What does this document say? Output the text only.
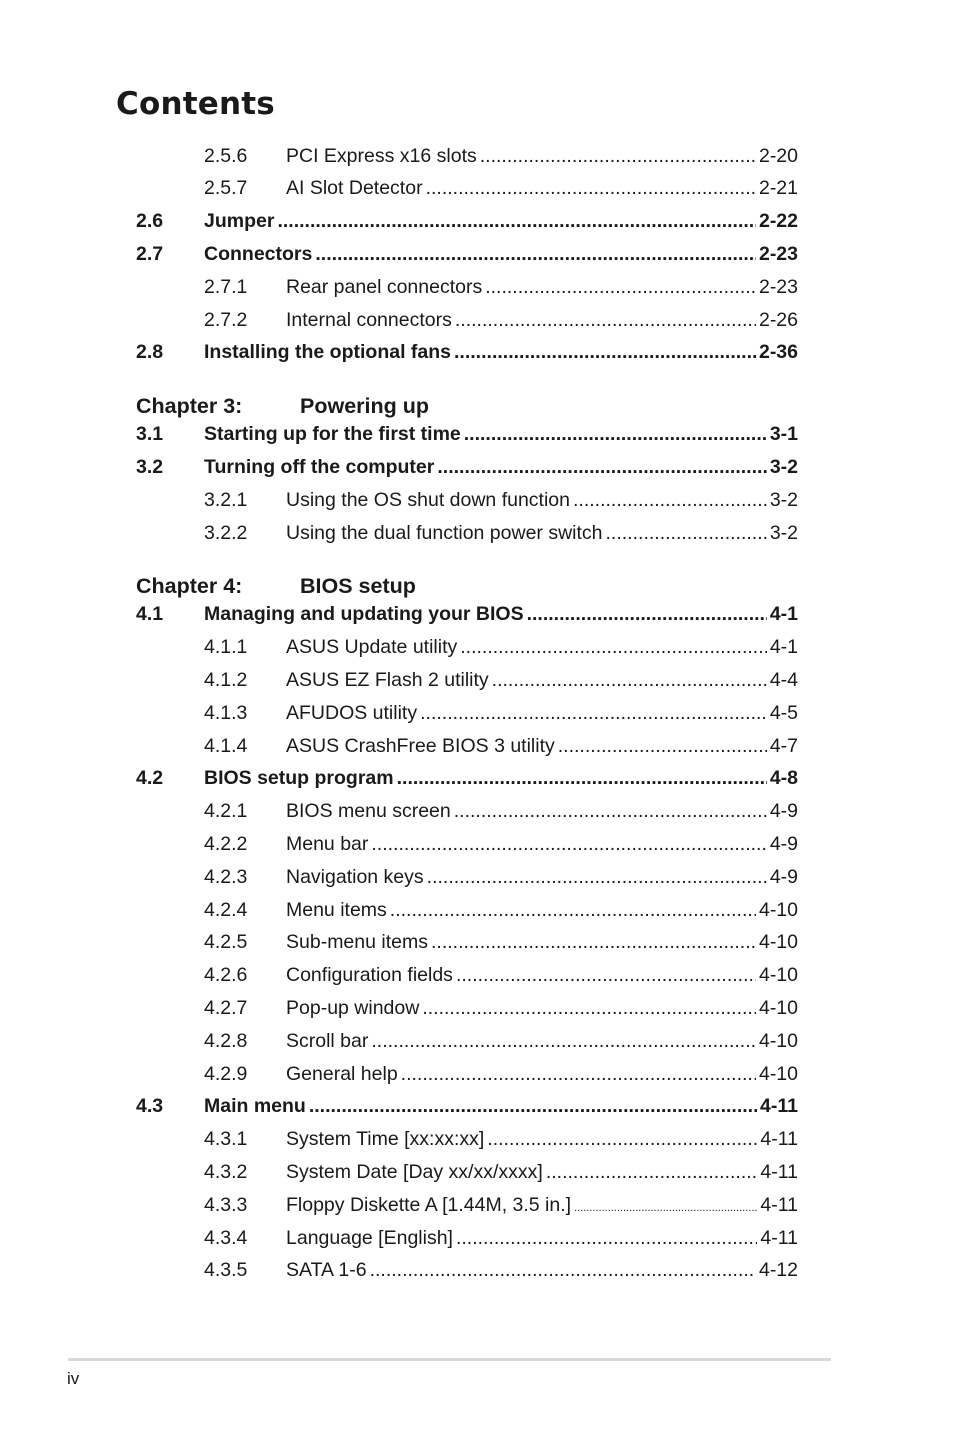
Contents
2.5.6	PCI Express x16 slots .....	2-20
2.5.7	AI Slot Detector .....	2-21
2.6	Jumper .....	2-22
2.7	Connectors .....	2-23
2.7.1	Rear panel connectors .....	2-23
2.7.2	Internal connectors .....	2-26
2.8	Installing the optional fans .....	2-36
Chapter 3:	Powering up
3.1	Starting up for the first time .....	3-1
3.2	Turning off the computer .....	3-2
3.2.1	Using the OS shut down function .....	3-2
3.2.2	Using the dual function power switch .....	3-2
Chapter 4:	BIOS setup
4.1	Managing and updating your BIOS .....	4-1
4.1.1	ASUS Update utility .....	4-1
4.1.2	ASUS EZ Flash 2 utility .....	4-4
4.1.3	AFUDOS utility .....	4-5
4.1.4	ASUS CrashFree BIOS 3 utility .....	4-7
4.2	BIOS setup program .....	4-8
4.2.1	BIOS menu screen .....	4-9
4.2.2	Menu bar .....	4-9
4.2.3	Navigation keys .....	4-9
4.2.4	Menu items .....	4-10
4.2.5	Sub-menu items .....	4-10
4.2.6	Configuration fields .....	4-10
4.2.7	Pop-up window .....	4-10
4.2.8	Scroll bar .....	4-10
4.2.9	General help .....	4-10
4.3	Main menu .....	4-11
4.3.1	System Time [xx:xx:xx] .....	4-11
4.3.2	System Date [Day xx/xx/xxxx] .....	4-11
4.3.3	Floppy Diskette A [1.44M, 3.5 in.] .....	4-11
4.3.4	Language [English] .....	4-11
4.3.5	SATA 1-6 .....	4-12
iv
